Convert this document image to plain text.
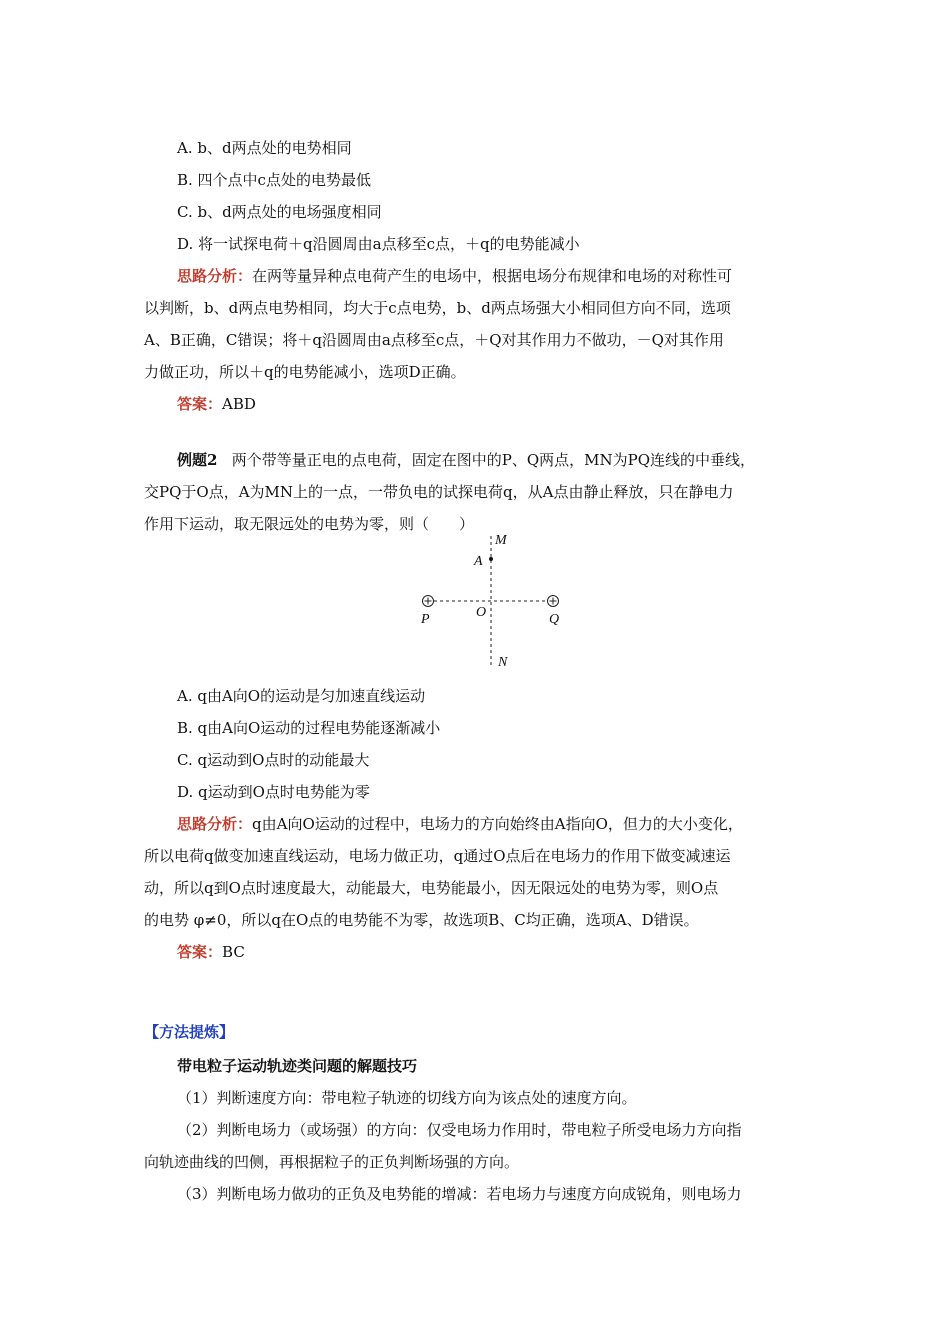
A. b、d两点处的电势相同
B. 四个点中c点处的电势最低
C. b、d两点处的电场强度相同
D. 将一试探电荷＋q沿圆周由a点移至c点，＋q的电势能减小
思路分析：在两等量异种点电荷产生的电场中，根据电场分布规律和电场的对称性可
以判断，b、d两点电势相同，均大于c点电势，b、d两点场强大小相同但方向不同，选项
A、B正确，C错误；将＋q沿圆周由a点移至c点，＋Q对其作用力不做功，－Q对其作用
力做正功，所以＋q的电势能减小，选项D正确。
答案：ABD
例题2 两个带等量正电的点电荷，固定在图中的P、Q两点，MN为PQ连线的中垂线，
交PQ于O点，A为MN上的一点，一带负电的试探电荷q，从A点由静止释放，只在静电力
作用下运动，取无限远处的电势为零，则（　　）
M
A
P	O	Q
N
A. q由A向O的运动是匀加速直线运动
B. q由A向O运动的过程电势能逐渐减小
C. q运动到O点时的动能最大
D. q运动到O点时电势能为零
思路分析：q由A向O运动的过程中，电场力的方向始终由A指向O，但力的大小变化，
所以电荷q做变加速直线运动，电场力做正功，q通过O点后在电场力的作用下做变减速运
动，所以q到O点时速度最大，动能最大，电势能最小，因无限远处的电势为零，则O点
的电势 φ≠0，所以q在O点的电势能不为零，故选项B、C均正确，选项A、D错误。
答案：BC
【方法提炼】
带电粒子运动轨迹类问题的解题技巧
（1）判断速度方向：带电粒子轨迹的切线方向为该点处的速度方向。
（2）判断电场力（或场强）的方向：仅受电场力作用时，带电粒子所受电场力方向指
向轨迹曲线的凹侧，再根据粒子的正负判断场强的方向。
（3）判断电场力做功的正负及电势能的增减：若电场力与速度方向成锐角，则电场力
